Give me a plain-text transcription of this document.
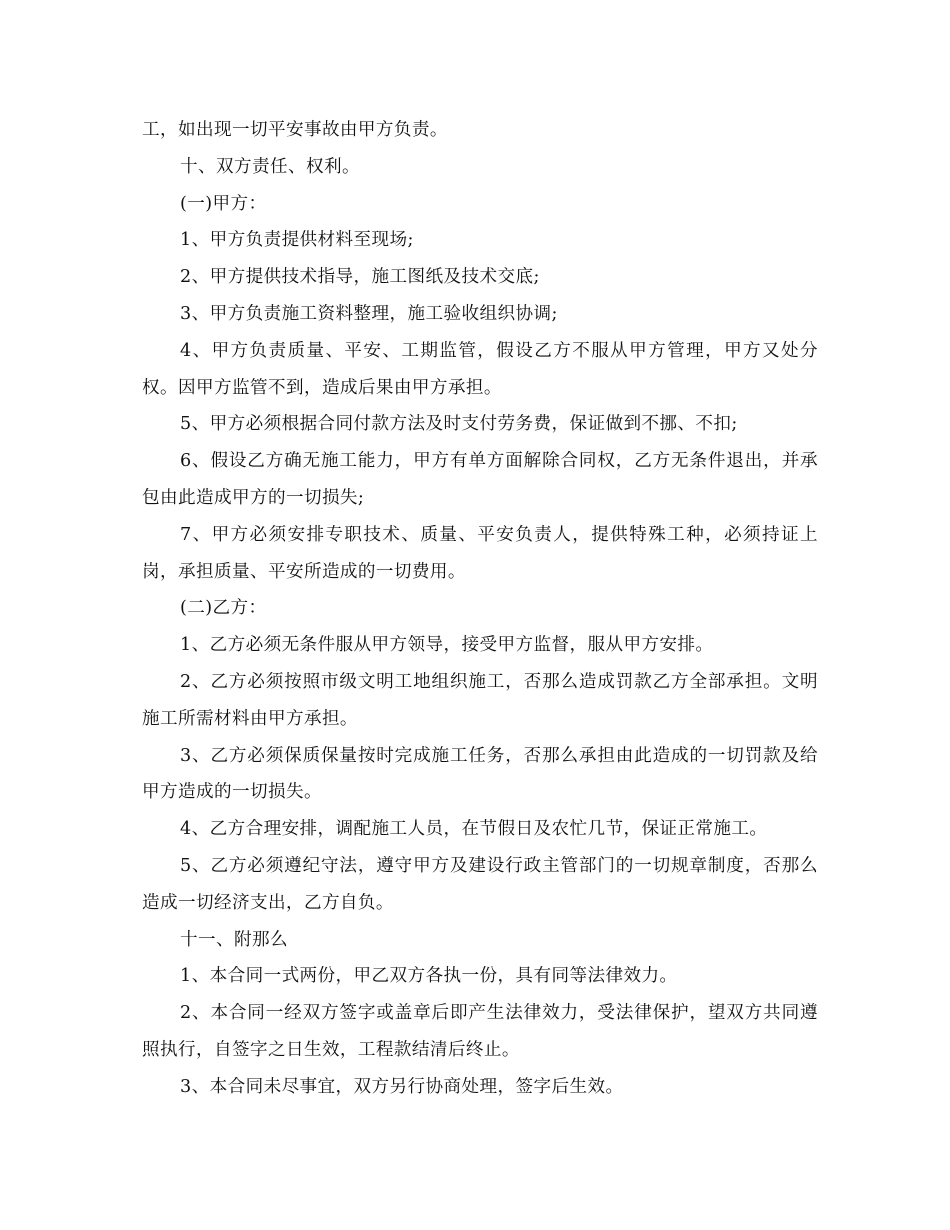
工，如出现一切平安事故由甲方负责。

十、双方责任、权利。

(一)甲方：

1、甲方负责提供材料至现场;

2、甲方提供技术指导，施工图纸及技术交底;

3、甲方负责施工资料整理，施工验收组织协调;

4、甲方负责质量、平安、工期监管，假设乙方不服从甲方管理，甲方又处分权。因甲方监管不到，造成后果由甲方承担。

5、甲方必须根据合同付款方法及时支付劳务费，保证做到不挪、不扣;

6、假设乙方确无施工能力，甲方有单方面解除合同权，乙方无条件退出，并承包由此造成甲方的一切损失;

7、甲方必须安排专职技术、质量、平安负责人，提供特殊工种，必须持证上岗，承担质量、平安所造成的一切费用。

(二)乙方：

1、乙方必须无条件服从甲方领导，接受甲方监督，服从甲方安排。

2、乙方必须按照市级文明工地组织施工，否那么造成罚款乙方全部承担。文明施工所需材料由甲方承担。

3、乙方必须保质保量按时完成施工任务，否那么承担由此造成的一切罚款及给甲方造成的一切损失。

4、乙方合理安排，调配施工人员，在节假日及农忙几节，保证正常施工。

5、乙方必须遵纪守法，遵守甲方及建设行政主管部门的一切规章制度，否那么造成一切经济支出，乙方自负。

十一、附那么

1、本合同一式两份，甲乙双方各执一份，具有同等法律效力。

2、本合同一经双方签字或盖章后即产生法律效力，受法律保护，望双方共同遵照执行，自签字之日生效，工程款结清后终止。

3、本合同未尽事宜，双方另行协商处理，签字后生效。
